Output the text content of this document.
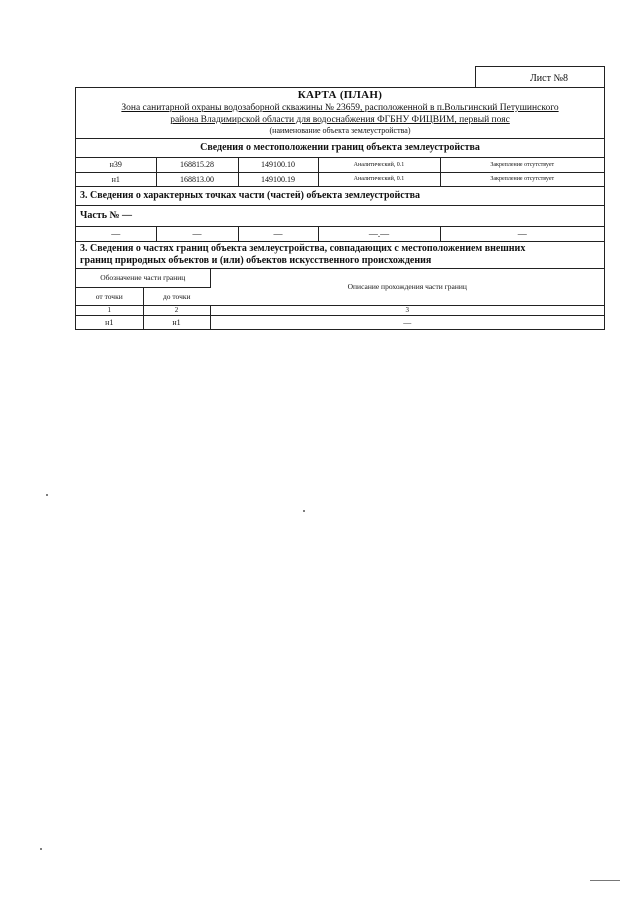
Лист №8
КАРТА (ПЛАН)
Зона санитарной охраны водозаборной скважины № 23659, расположенной в п.Вольгинский Петушинского
района Владимирской области для водоснабжения ФГБНУ ФИЦВИМ, первый пояс
(наименование объекта землеустройства)
Сведения о местоположении границ объекта землеустройства
н39	168815.28	149100.10	Аналитический, 0.1	Закрепление отсутствует
н1	168813.00	149100.19	Аналитический, 0.1	Закрепление отсутствует
3. Сведения о характерных точках части (частей) объекта землеустройства
Часть № —
—	—	—	—.—	—
3. Сведения о частях границ объекта землеустройства, совпадающих с местоположением внешних
границ природных объектов и (или) объектов искусственного происхождения
Обозначение части границ		Описание прохождения части границ
от точки	до точки	
1	2	3
н1	н1	—
